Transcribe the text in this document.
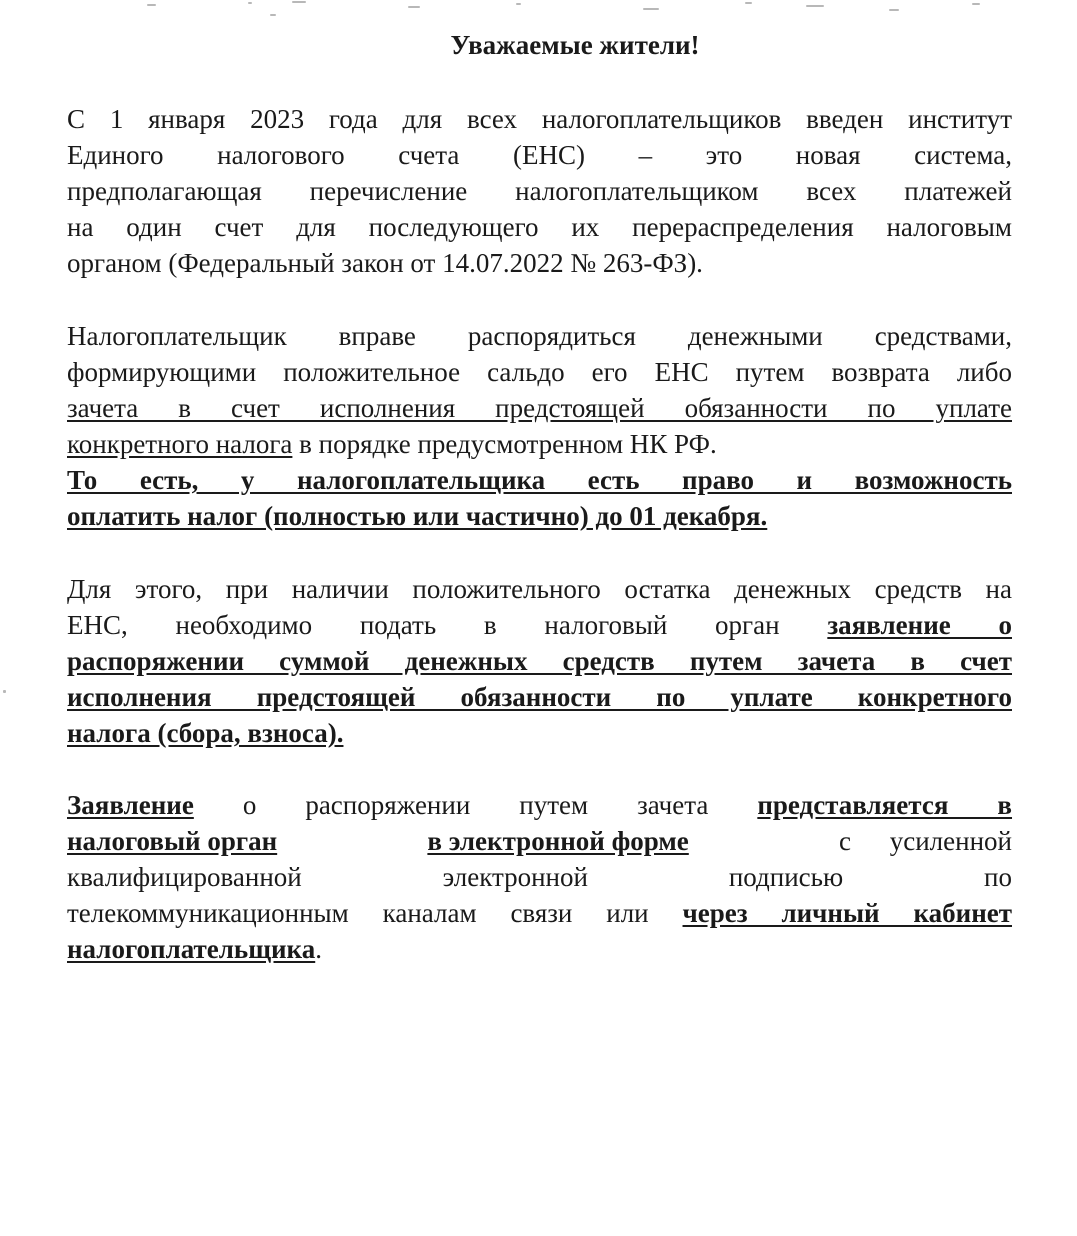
Уважаемые жители!
С 1 января 2023 года для всех налогоплательщиков введен институт
Единого налогового счета (ЕНС) – это новая система,
предполагающая перечисление налогоплательщиком всех платежей
на один счет для последующего их перераспределения налоговым
органом (Федеральный закон от 14.07.2022 № 263-ФЗ).
Налогоплательщик вправе распорядиться денежными средствами,
формирующими положительное сальдо его ЕНС путем возврата либо
зачета в счет исполнения предстоящей обязанности по уплате
конкретного налога в порядке предусмотренном НК РФ.
То есть, у налогоплательщика есть право и возможность
оплатить налог (полностью или частично) до 01 декабря.
Для этого, при наличии положительного остатка денежных средств на
ЕНС, необходимо подать в налоговый орган заявление о
распоряжении суммой денежных средств путем зачета в счет
исполнения предстоящей обязанности по уплате конкретного
налога (сбора, взноса).
Заявление о распоряжении путем зачета представляется в
налоговый орган	в электронной форме	с усиленной
квалифицированной электронной подписью по
телекоммуникационным каналам связи или через личный кабинет
налогоплательщика.
